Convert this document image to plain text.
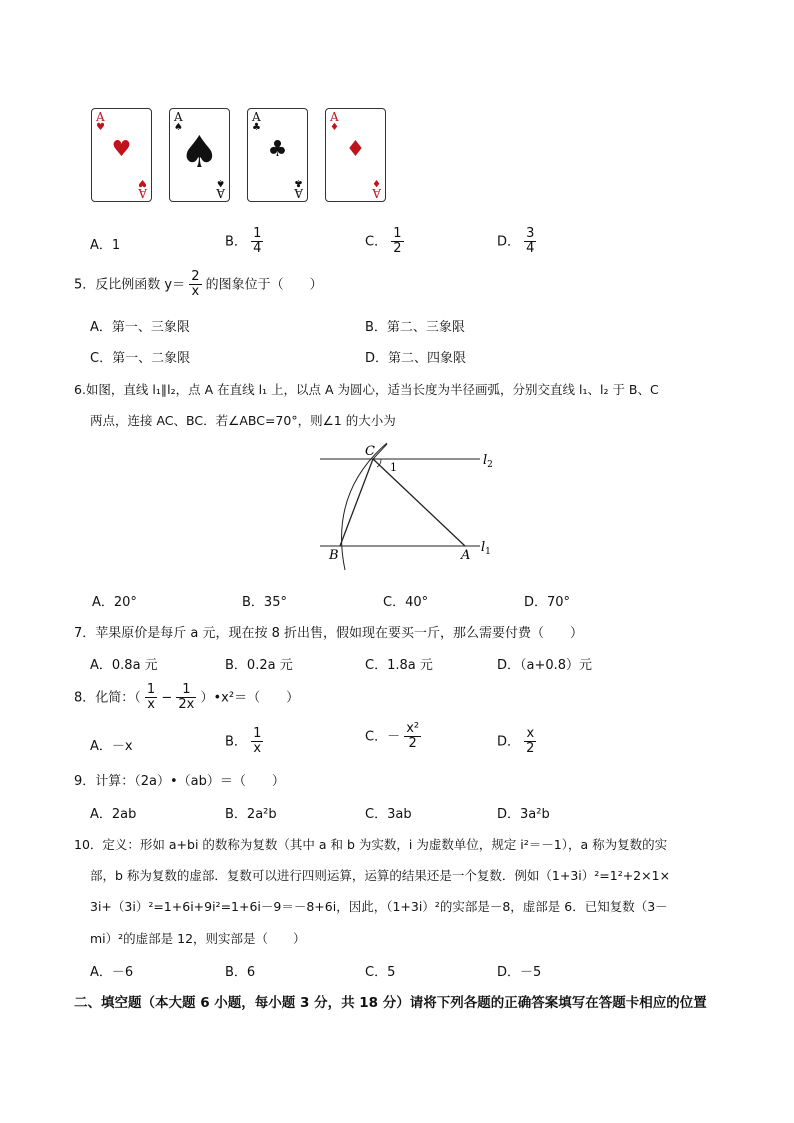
A
♥
♥
A
♥
A
♠
♠
A
♠
A
♣
♣
A
♣
A
♦
♦
A
♦
A．1	B． $\frac{1}{4}$	C． $\frac{1}{2}$	D． $\frac{3}{4}$
5．反比例函数 $y= \frac{2}{x}$ 的图象位于（　　）
A．第一、三象限	B．第二、三象限
C．第一、二象限	D．第二、四象限
6.如图，直线 l₁∥l₂，点 A 在直线 l₁ 上，以点 A 为圆心，适当长度为半径画弧，分别交直线 l₁、l₂ 于 B、C
两点，连接 AC、BC．若∠ABC=70°，则∠1 的大小为
C
1	$l_2$
B	A
$l_1$
A．20°	B．35°	C．40°	D．70°
7．苹果原价是每斤 a 元，现在按 8 折出售，假如现在要买一斤，那么需要付费（　　）
A．0.8a 元	B．0.2a 元	C．1.8a 元	D．（a+0.8）元
8．化简：（ $\frac{1}{x} - \frac{1}{2x}$ ）•x²＝（　　）
A．－x	B． $\frac{1}{x}$	C．－ $\frac{\text{x²}}{2}$	D． $\frac{x}{2}$
9．计算：（2a）•（ab）＝（　　）
A．2ab	B．2a²b	C．3ab	D．3a²b
10．定义：形如 a+bi 的数称为复数（其中 a 和 b 为实数，i 为虚数单位，规定 i²＝－1），a 称为复数的实
部，b 称为复数的虚部．复数可以进行四则运算，运算的结果还是一个复数．例如（1+3i）²=1²+2×1×
3i+（3i）²=1+6i+9i²=1+6i－9＝－8+6i，因此，（1+3i）²的实部是－8，虚部是 6．已知复数（3－
mi）²的虚部是 12，则实部是（　　）
A．－6	B．6	C．5	D．－5
二、填空题（本大题 6 小题，每小题 3 分，共 18 分）请将下列各题的正确答案填写在答题卡相应的位置
